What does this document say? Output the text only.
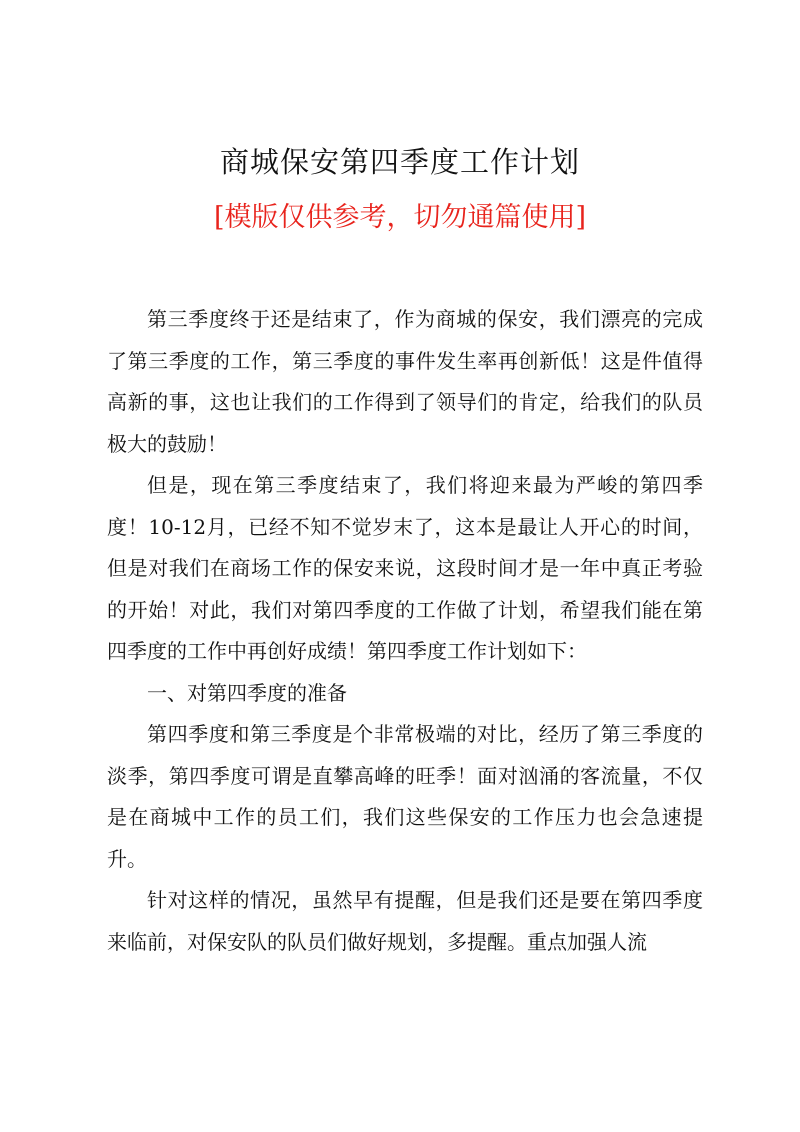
商城保安第四季度工作计划
[模版仅供参考，切勿通篇使用]

第三季度终于还是结束了，作为商城的保安，我们漂亮的完成了第三季度的工作，第三季度的事件发生率再创新低！这是件值得高新的事，这也让我们的工作得到了领导们的肯定，给我们的队员极大的鼓励！

但是，现在第三季度结束了，我们将迎来最为严峻的第四季度！10-12月，已经不知不觉岁末了，这本是最让人开心的时间，但是对我们在商场工作的保安来说，这段时间才是一年中真正考验的开始！对此，我们对第四季度的工作做了计划，希望我们能在第四季度的工作中再创好成绩！第四季度工作计划如下：

一、对第四季度的准备

第四季度和第三季度是个非常极端的对比，经历了第三季度的淡季，第四季度可谓是直攀高峰的旺季！面对汹涌的客流量，不仅是在商城中工作的员工们，我们这些保安的工作压力也会急速提升。

针对这样的情况，虽然早有提醒，但是我们还是要在第四季度来临前，对保安队的队员们做好规划，多提醒。重点加强人流
